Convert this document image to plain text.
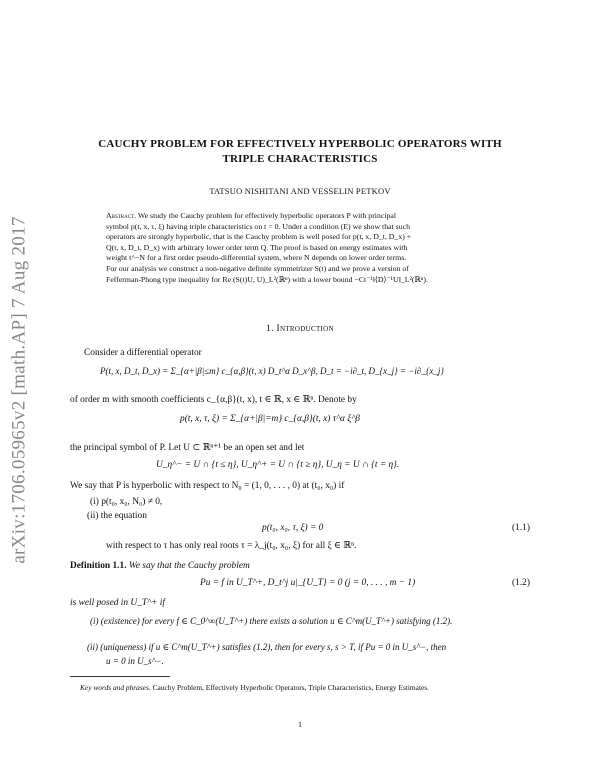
arXiv:1706.05965v2 [math.AP] 7 Aug 2017
CAUCHY PROBLEM FOR EFFECTIVELY HYPERBOLIC OPERATORS WITH
TRIPLE CHARACTERISTICS
TATSUO NISHITANI AND VESSELIN PETKOV
Abstract. We study the Cauchy problem for effectively hyperbolic operators P with principal
symbol p(t, x, τ, ξ) having triple characteristics on t = 0. Under a condition (E) we show that such
operators are strongly hyperbolic, that is the Cauchy problem is well posed for p(t, x, D_t, D_x) +
Q(t, x, D_t, D_x) with arbitrary lower order term Q. The proof is based on energy estimates with
weight t^−N for a first order pseudo-differential system, where N depends on lower order terms.
For our analysis we construct a non-negative definite symmetrizer S(t) and we prove a version of
Fefferman-Phong type inequality for Re (S(t)U, U)_L²(ℝⁿ) with a lower bound −Ct⁻¹‖⟨D⟩⁻¹U‖_L²(ℝⁿ).
1. Introduction
Consider a differential operator
P(t, x, D_t, D_x) = Σ_{α+|β|≤m} c_{α,β}(t, x) D_t^α D_x^β, D_t = −i∂_t, D_{x_j} = −i∂_{x_j}
of order m with smooth coefficients c_{α,β}(t, x), t ∈ ℝ, x ∈ ℝⁿ. Denote by
p(t, x, τ, ξ) = Σ_{α+|β|=m} c_{α,β}(t, x) τ^α ξ^β
the principal symbol of P. Let U ⊂ ℝⁿ⁺¹ be an open set and let
U_η^− = U ∩ {t ≤ η}, U_η^+ = U ∩ {t ≥ η}, U_η = U ∩ {t = η}.
We say that P is hyperbolic with respect to N₀ = (1, 0, . . . , 0) at (t₀, x₀) if
(i) p(t₀, x₀, N₀) ≠ 0,
(ii) the equation
p(t₀, x₀, τ, ξ) = 0	(1.1)
with respect to τ has only real roots τ = λ_j(t₀, x₀, ξ) for all ξ ∈ ℝⁿ.
Definition 1.1. We say that the Cauchy problem
Pu = f in U_T^+, D_t^j u|_{U_T} = 0 (j = 0, . . . , m − 1)	(1.2)
is well posed in U_T^+ if
(i) (existence) for every f ∈ C_0^∞(U_T^+) there exists a solution u ∈ C^m(U_T^+) satisfying (1.2).
(ii) (uniqueness) if u ∈ C^m(U_T^+) satisfies (1.2), then for every s, s > T, if Pu = 0 in U_s^−, then
u = 0 in U_s^−.
Key words and phrases. Cauchy Problem, Effectively Hyperbolic Operators, Triple Characteristics, Energy Estimates.
1
